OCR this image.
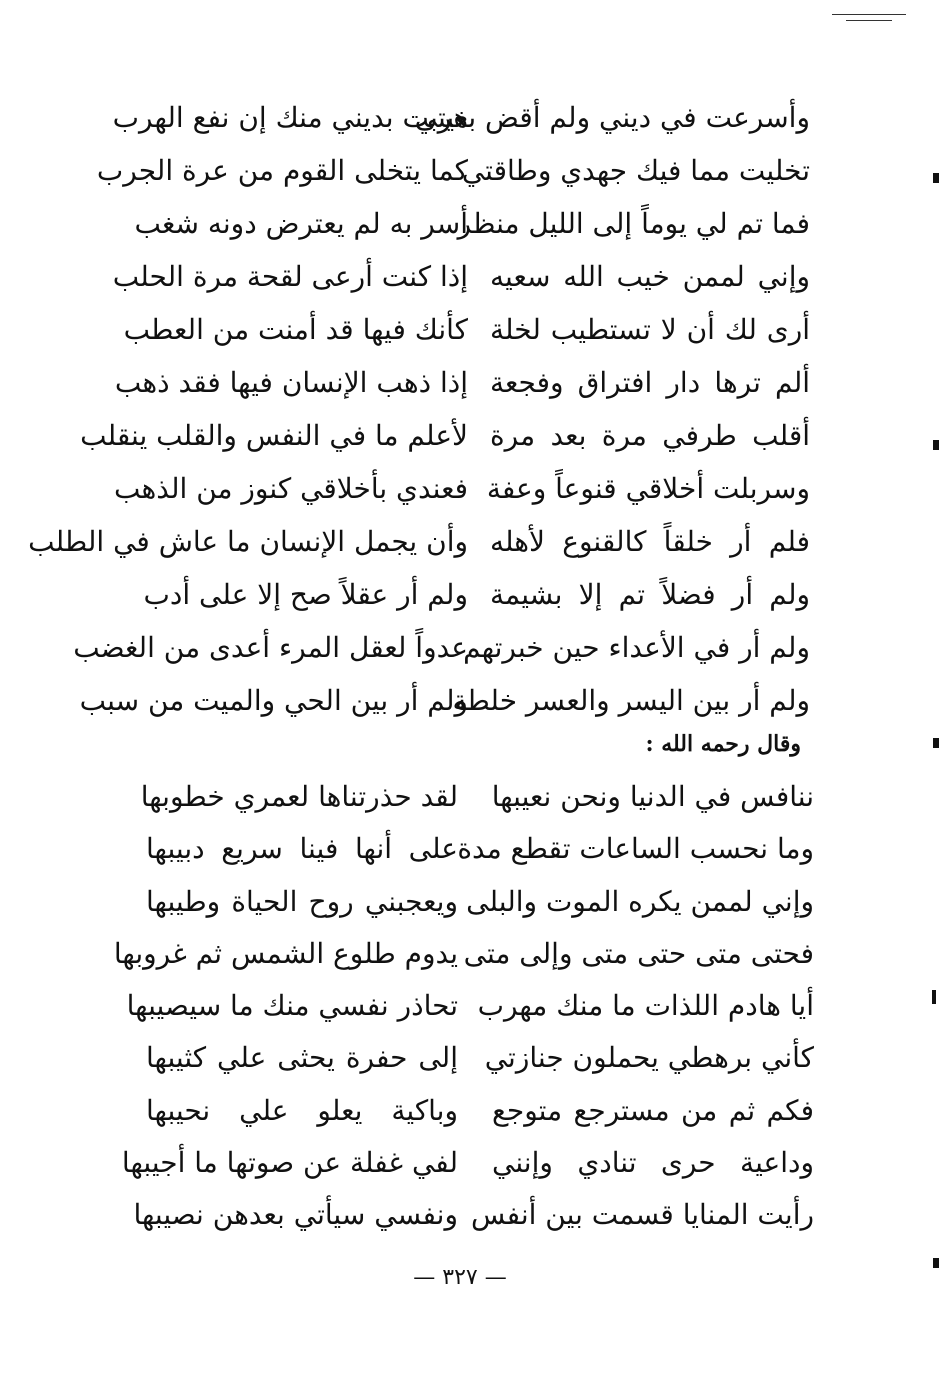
وأسرعت في ديني ولم أقض بغيتي
هربت بديني منك إن نفع الهرب
تخليت مما فيك جهدي وطاقتي
كما يتخلى القوم من عرة الجرب
فما تم لي يوماً إلى الليل منظر
أسر به لم يعترض دونه شغب
وإني لممن خيب الله سعيه
إذا كنت أرعى لقحة مرة الحلب
أرى لك أن لا تستطيب لخلة
كأنك فيها قد أمنت من العطب
ألم ترها دار افتراق وفجعة
إذا ذهب الإنسان فيها فقد ذهب
أقلب طرفي مرة بعد مرة
لأعلم ما في النفس والقلب ينقلب
وسربلت أخلاقي قنوعاً وعفة
فعندي بأخلاقي كنوز من الذهب
فلم أر خلقاً كالقنوع لأهله
وأن يجمل الإنسان ما عاش في الطلب
ولم أر فضلاً تم إلا بشيمة
ولم أر عقلاً صح إلا على أدب
ولم أر في الأعداء حين خبرتهم
عدواً لعقل المرء أعدى من الغضب
ولم أر بين اليسر والعسر خلطة
ولم أر بين الحي والميت من سبب
وقال رحمه الله :
ننافس في الدنيا ونحن نعيبها
لقد حذرتناها لعمري خطوبها
وما نحسب الساعات تقطع مدة
على أنها فينا سريع دبيبها
وإني لممن يكره الموت والبلى
ويعجبني روح الحياة وطيبها
فحتى متى حتى متى وإلى متى
يدوم طلوع الشمس ثم غروبها
أيا هادم اللذات ما منك مهرب
تحاذر نفسي منك ما سيصيبها
كأني برهطي يحملون جنازتي
إلى حفرة يحثى علي كثيبها
فكم ثم من مسترجع متوجع
وباكية يعلو علي نحيبها
وداعية حرى تنادي وإنني
لفي غفلة عن صوتها ما أجيبها
رأيت المنايا قسمت بين أنفس
ونفسي سيأتي بعدهن نصيبها
— ٣٢٧ —
